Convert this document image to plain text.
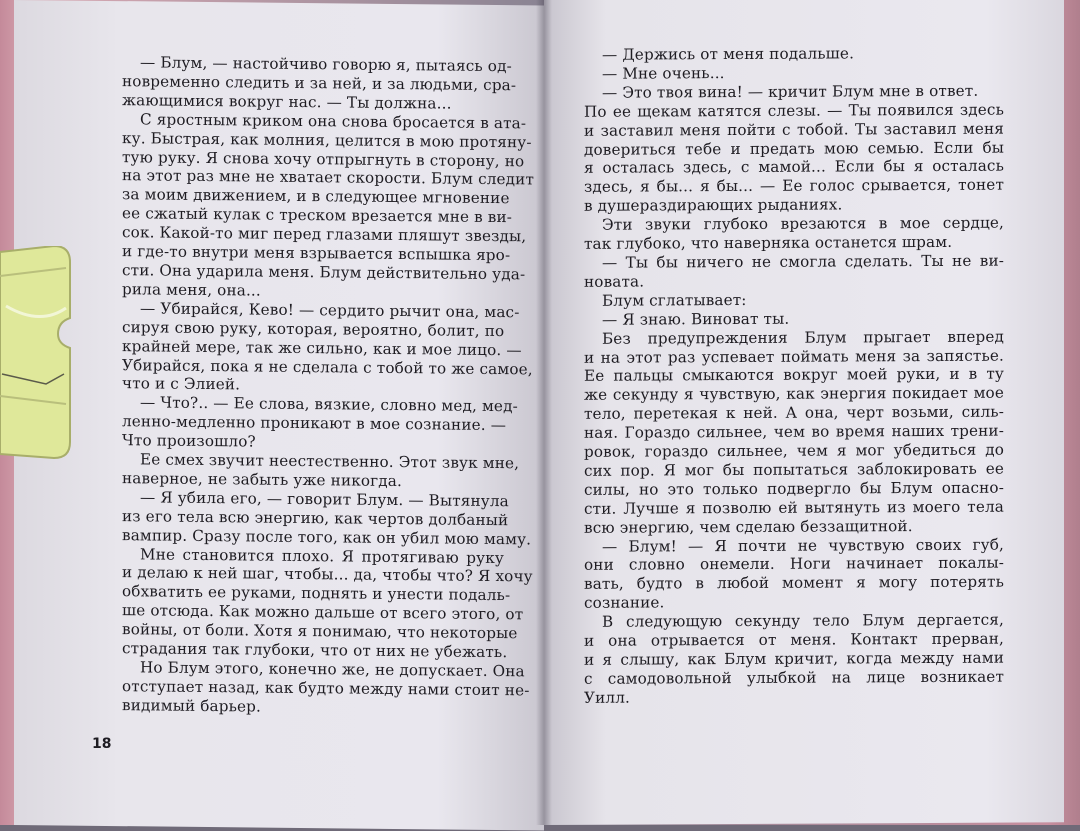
— Блум, — настойчиво говорю я, пытаясь од-
новременно следить и за ней, и за людьми, сра-
жающимися вокруг нас. — Ты должна...
С яростным криком она снова бросается в ата-
ку. Быстрая, как молния, целится в мою протяну-
тую руку. Я снова хочу отпрыгнуть в сторону, но
на этот раз мне не хватает скорости. Блум следит
за моим движением, и в следующее мгновение
ее сжатый кулак с треском врезается мне в ви-
сок. Какой-то миг перед глазами пляшут звезды,
и где-то внутри меня взрывается вспышка яро-
сти. Она ударила меня. Блум действительно уда-
рила меня, она...
— Убирайся, Кево! — сердито рычит она, мас-
сируя свою руку, которая, вероятно, болит, по
крайней мере, так же сильно, как и мое лицо. —
Убирайся, пока я не сделала с тобой то же самое,
что и с Элией.
— Что?.. — Ее слова, вязкие, словно мед, мед-
ленно-медленно проникают в мое сознание. —
Что произошло?
Ее смех звучит неестественно. Этот звук мне,
наверное, не забыть уже никогда.
— Я убила его, — говорит Блум. — Вытянула
из его тела всю энергию, как чертов долбаный
вампир. Сразу после того, как он убил мою маму.
Мне становится плохо. Я протягиваю руку
и делаю к ней шаг, чтобы... да, чтобы что? Я хочу
обхватить ее руками, поднять и унести подаль-
ше отсюда. Как можно дальше от всего этого, от
войны, от боли. Хотя я понимаю, что некоторые
страдания так глубоки, что от них не убежать.
Но Блум этого, конечно же, не допускает. Она
отступает назад, как будто между нами стоит не-
видимый барьер.
— Держись от меня подальше.
— Мне очень...
— Это твоя вина! — кричит Блум мне в ответ.
По ее щекам катятся слезы. — Ты появился здесь
и заставил меня пойти с тобой. Ты заставил меня
довериться тебе и предать мою семью. Если бы
я осталась здесь, с мамой... Если бы я осталась
здесь, я бы... я бы... — Ее голос срывается, тонет
в душераздирающих рыданиях.
Эти звуки глубоко врезаются в мое сердце,
так глубоко, что наверняка останется шрам.
— Ты бы ничего не смогла сделать. Ты не ви-
новата.
Блум сглатывает:
— Я знаю. Виноват ты.
Без предупреждения Блум прыгает вперед
и на этот раз успевает поймать меня за запястье.
Ее пальцы смыкаются вокруг моей руки, и в ту
же секунду я чувствую, как энергия покидает мое
тело, перетекая к ней. А она, черт возьми, силь-
ная. Гораздо сильнее, чем во время наших трени-
ровок, гораздо сильнее, чем я мог убедиться до
сих пор. Я мог бы попытаться заблокировать ее
силы, но это только подвергло бы Блум опасно-
сти. Лучше я позволю ей вытянуть из моего тела
всю энергию, чем сделаю беззащитной.
— Блум! — Я почти не чувствую своих губ,
они словно онемели. Ноги начинает покалы-
вать, будто в любой момент я могу потерять
сознание.
В следующую секунду тело Блум дергается,
и она отрывается от меня. Контакт прерван,
и я слышу, как Блум кричит, когда между нами
с самодовольной улыбкой на лице возникает
Уилл.
18
